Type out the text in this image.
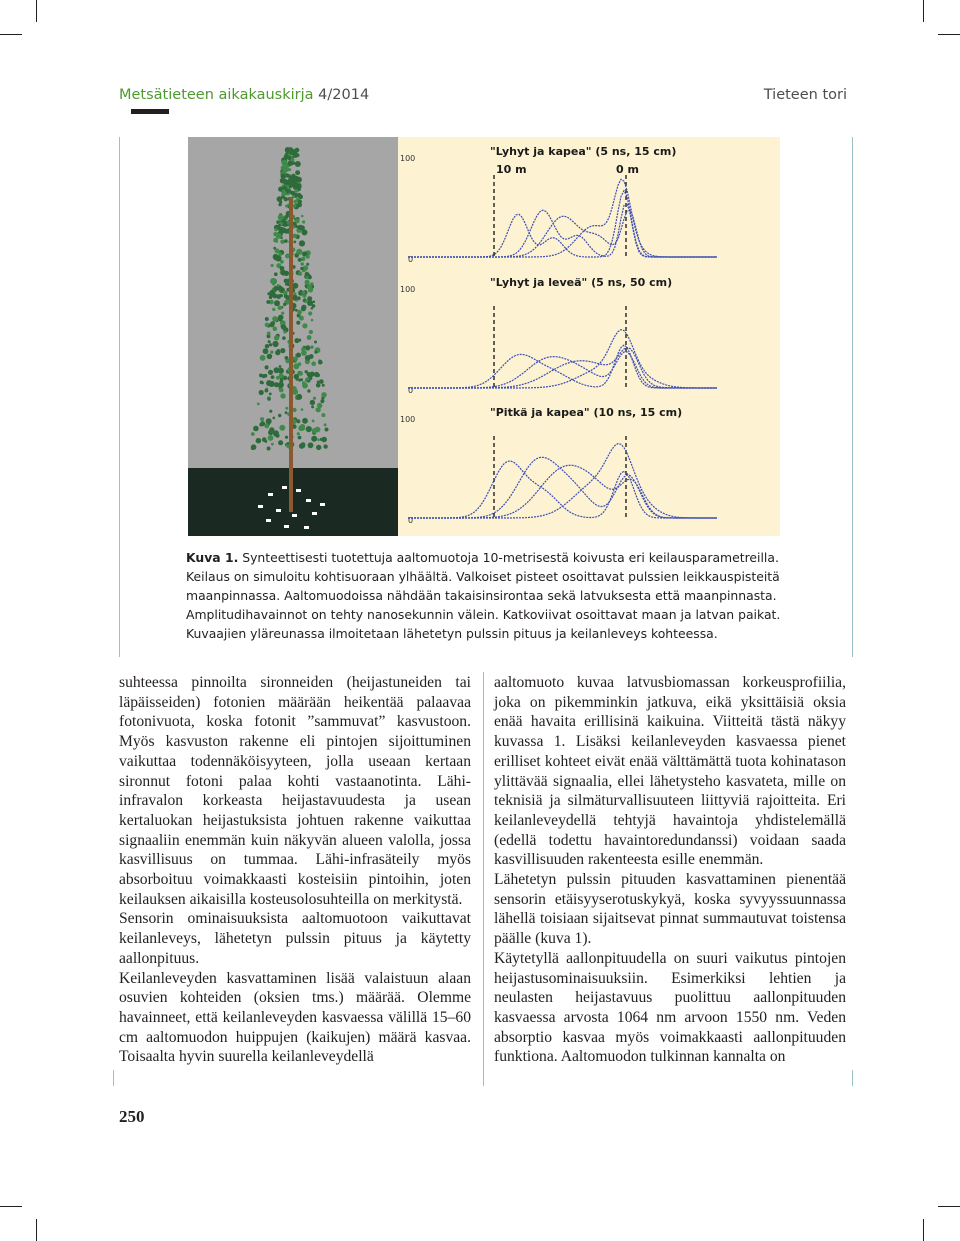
Metsätieteen aikakauskirja 4/2014	Tieteen tori
100
0
"Lyhyt ja kapea" (5 ns, 15 cm)
10 m	0 m
100
0
"Lyhyt ja leveä" (5 ns, 50 cm)
100
0
"Pitkä ja kapea" (10 ns, 15 cm)

Kuva 1. Synteettisesti tuotettuja aaltomuotoja 10-metrisestä koivusta eri keilausparametreilla.

Keilaus on simuloitu kohtisuoraan ylhäältä. Valkoiset pisteet osoittavat pulssien leikkauspisteitä

maanpinnassa. Aaltomuodoissa nähdään takaisinsirontaa sekä latvuksesta että maanpinnasta.

Amplitudihavainnot on tehty nanosekunnin välein. Katkoviivat osoittavat maan ja latvan paikat.

Kuvaajien yläreunassa ilmoitetaan lähetetyn pulssin pituus ja keilanleveys kohteessa.

suhteessa pinnoilta sironneiden (heijastuneiden tai läpäisseiden) fotonien määrään heikentää palaavaa fotonivuota, koska fotonit ”sammuvat” kasvustoon. Myös kasvuston rakenne eli pintojen sijoittuminen vaikuttaa todennäköisyyteen, jolla useaan kertaan sironnut fotoni palaa kohti vastaanotinta. Lähi-infravalon korkeasta heijastavuudesta ja usean kertaluokan heijastuksista johtuen rakenne vaikuttaa signaaliin enemmän kuin näkyvän alueen valolla, jossa kasvillisuus on tummaa. Lähi-infrasäteily myös absorboituu voimakkaasti kosteisiin pintoihin, joten keilauksen aikaisilla kosteusolosuhteilla on merkitystä.

Sensorin ominaisuuksista aaltomuotoon vaikuttavat keilanleveys, lähetetyn pulssin pituus ja käytetty aallonpituus.

Keilanleveyden kasvattaminen lisää valaistuun alaan osuvien kohteiden (oksien tms.) määrää. Olemme havainneet, että keilanleveyden kasvaessa välillä 15–60 cm aaltomuodon huippujen (kaikujen) määrä kasvaa. Toisaalta hyvin suurella keilanleveydellä

aaltomuoto kuvaa latvusbiomassan korkeusprofiilia, joka on pikemminkin jatkuva, eikä yksittäisiä oksia enää havaita erillisinä kaikuina. Viitteitä tästä näkyy kuvassa 1. Lisäksi keilanleveyden kasvaessa pienet erilliset kohteet eivät enää välttämättä tuota kohinatason ylittävää signaalia, ellei lähetysteho kasvateta, mille on teknisiä ja silmäturvallisuuteen liittyviä rajoitteita. Eri keilanleveydellä tehtyjä havaintoja yhdistelemällä (edellä todettu havaintoredundanssi) voidaan saada kasvillisuuden rakenteesta esille enemmän.

Lähetetyn pulssin pituuden kasvattaminen pienentää sensorin etäisyyserotuskykyä, koska syvyyssuunnassa lähellä toisiaan sijaitsevat pinnat summautuvat toistensa päälle (kuva 1).

Käytetyllä aallonpituudella on suuri vaikutus pintojen heijastusominaisuuksiin. Esimerkiksi lehtien ja neulasten heijastavuus puolittuu aallonpituuden kasvaessa arvosta 1064 nm arvoon 1550 nm. Veden absorptio kasvaa myös voimakkaasti aallonpituuden funktiona. Aaltomuodon tulkinnan kannalta on

250
